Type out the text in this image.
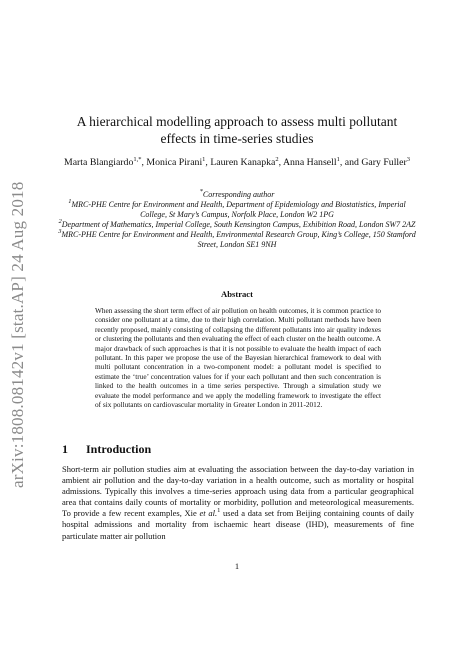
arXiv:1808.08142v1 [stat.AP] 24 Aug 2018
A hierarchical modelling approach to assess multi pollutant effects in time-series studies
Marta Blangiardo$^{1,*}$, Monica Pirani$^1$, Lauren Kanapka$^2$, Anna Hansell$^1$, and Gary Fuller$^3$

*Corresponding author

$^1$MRC-PHE Centre for Environment and Health, Department of Epidemiology and Biostatistics, Imperial College, St Mary’s Campus, Norfolk Place, London W2 1PG

$^2$Department of Mathematics, Imperial College, South Kensington Campus, Exhibition Road, London SW7 2AZ

$^3$MRC-PHE Centre for Environment and Health, Environmental Research Group, King’s College, 150 Stamford Street, London SE1 9NH

Abstract
When assessing the short term effect of air pollution on health outcomes, it is common practice to consider one pollutant at a time, due to their high correlation. Multi pollutant methods have been recently proposed, mainly consisting of collapsing the different pollutants into air quality indexes or clustering the pollutants and then evaluating the effect of each cluster on the health outcome. A major drawback of such approaches is that it is not possible to evaluate the health impact of each pollutant. In this paper we propose the use of the Bayesian hierarchical framework to deal with multi pollutant concentration in a two-component model: a pollutant model is specified to estimate the ‘true’ concentration values for if your each pollutant and then such concentration is linked to the health outcomes in a time series perspective. Through a simulation study we evaluate the model performance and we apply the modelling framework to investigate the effect of six pollutants on cardiovascular mortality in Greater London in 2011-2012.
1 Introduction
Short-term air pollution studies aim at evaluating the association between the day-to-day variation in ambient air pollution and the day-to-day variation in a health outcome, such as mortality or hospital admissions. Typically this involves a time-series approach using data from a particular geographical area that contains daily counts of mortality or morbidity, pollution and meteorological measurements. To provide a few recent examples, Xie et al.$^1$ used a data set from Beijing containing counts of daily hospital admissions and mortality from ischaemic heart disease (IHD), measurements of fine particulate matter air pollution
1
